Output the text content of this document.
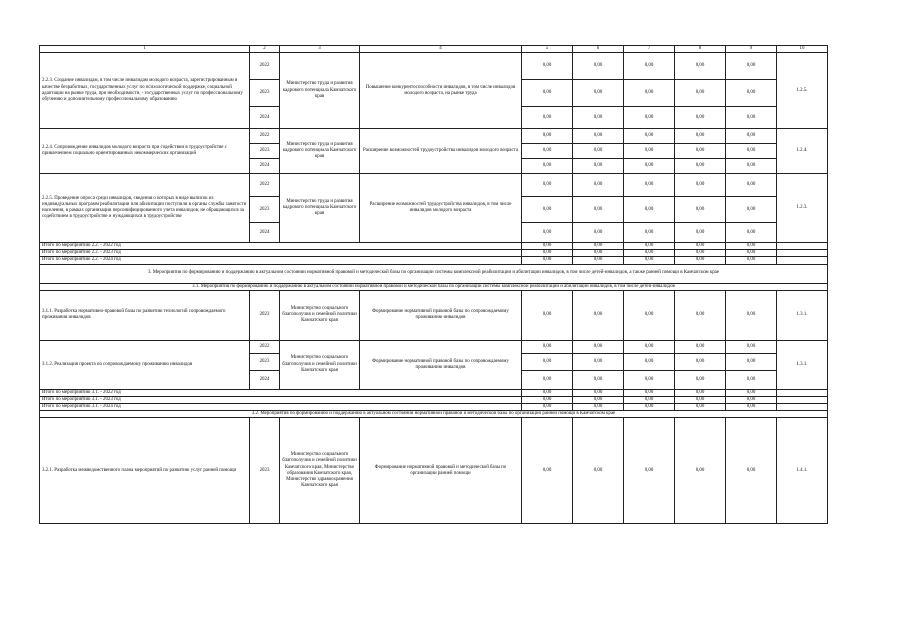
1	2	3	4	5	6	7	8	9	10
2.2.3. Создание инвалидам, в том числе инвалидам молодого возраста, зарегистрированным в качестве безработных, государственных услуг по психологической поддержке, социальной адаптации на рынке труда, при необходимости, - государственных услуг по профессиональному обучению и дополнительному профессиональному образованию	2022	Министерство труда и развития кадрового потенциала Камчатского края	Повышение конкурентоспособности инвалидов, в том числе инвалидов молодого возраста, на рынке труда	0,00	0,00	0,00	0,00	0,00	1.2.5.
	2023			0,00	0,00	0,00	0,00	0,00	
	2024			0,00	0,00	0,00	0,00	0,00	
2.2.4. Сопровождение инвалидов молодого возраста при содействии в трудоустройстве с привлечением социально ориентированных некоммерческих организаций	2022	Министерство труда и развития кадрового потенциала Камчатского края	Расширение возможностей трудоустройства инвалидов молодого возраста	0,00	0,00	0,00	0,00	0,00	1.2.4.
	2023			0,00	0,00	0,00	0,00	0,00	
	2024			0,00	0,00	0,00	0,00	0,00	
2.2.5. Проведение опроса среди инвалидов, сведения о которых в виде выписок из индивидуальных программ реабилитации или абилитации поступили в органы службы занятости населения, в рамках организации персонифицированного учета инвалидов, не обращающихся за содействием в трудоустройстве и нуждающихся в трудоустройстве	2022	Министерство труда и развития кадрового потенциала Камчатского края	Расширение возможностей трудоустройства инвалидов, в том числе инвалидов молодого возраста	0,00	0,00	0,00	0,00	0,00	1.2.3.
	2023			0,00	0,00	0,00	0,00	0,00	
	2024			0,00	0,00	0,00	0,00	0,00	
Итого по мероприятию 2.2. - 2022 год				0,00	0,00	0,00	0,00	0,00	
Итого по мероприятию 2.2. - 2023 год				0,00	0,00	0,00	0,00	0,00	
Итого по мероприятию 2.2. - 2024 год				0,00	0,00	0,00	0,00	0,00	
3. Мероприятия по формированию и поддержанию в актуальном состоянии нормативной правовой и методической базы по организации системы комплексной реабилитации и абилитации инвалидов, в том числе детей-инвалидов, а также ранней помощи в Камчатском крае									
3.1. Мероприятия по формированию и поддержанию в актуальном состоянии нормативной правовой и методической базы по организации системы комплексной реабилитации и абилитации инвалидов, в том числе детей-инвалидов									
3.1.1. Разработка нормативно-правовой базы по развитию технологий сопровождаемого проживания инвалидов	2023	Министерство социального благополучия и семейной политики Камчатского края	Формирование нормативной правовой базы по сопровождаемому проживанию инвалидов	0,00	0,00	0,00	0,00	0,00	1.3.1.
3.1.2. Реализация проекта по сопровождаемому проживанию инвалидов	2022	Министерство социального благополучия и семейной политики Камчатского края	Формирование нормативной правовой базы по сопровождаемому проживанию инвалидов	0,00	0,00	0,00	0,00	0,00	1.3.1.
	2023			0,00	0,00	0,00	0,00	0,00	
	2024			0,00	0,00	0,00	0,00	0,00	
Итого по мероприятию 3.1. - 2022 год				0,00	0,00	0,00	0,00	0,00	
Итого по мероприятию 3.1. - 2023 год				0,00	0,00	0,00	0,00	0,00	
Итого по мероприятию 3.1. - 2024 год				0,00	0,00	0,00	0,00	0,00	
3.2. Мероприятия по формированию и поддержанию в актуальном состоянии нормативной правовой и методической базы по организации ранней помощи в Камчатском крае									
3.2.1. Разработка межведомственного плана мероприятий по развитию услуг ранней помощи	2023	Министерство социального благополучия и семейной политики Камчатского края, Министерство образования Камчатского края, Министерство здравоохранения Камчатского края	Формирование нормативной правовой и методической базы по организации ранней помощи	0,00	0,00	0,00	0,00	0,00	1.4.1.
